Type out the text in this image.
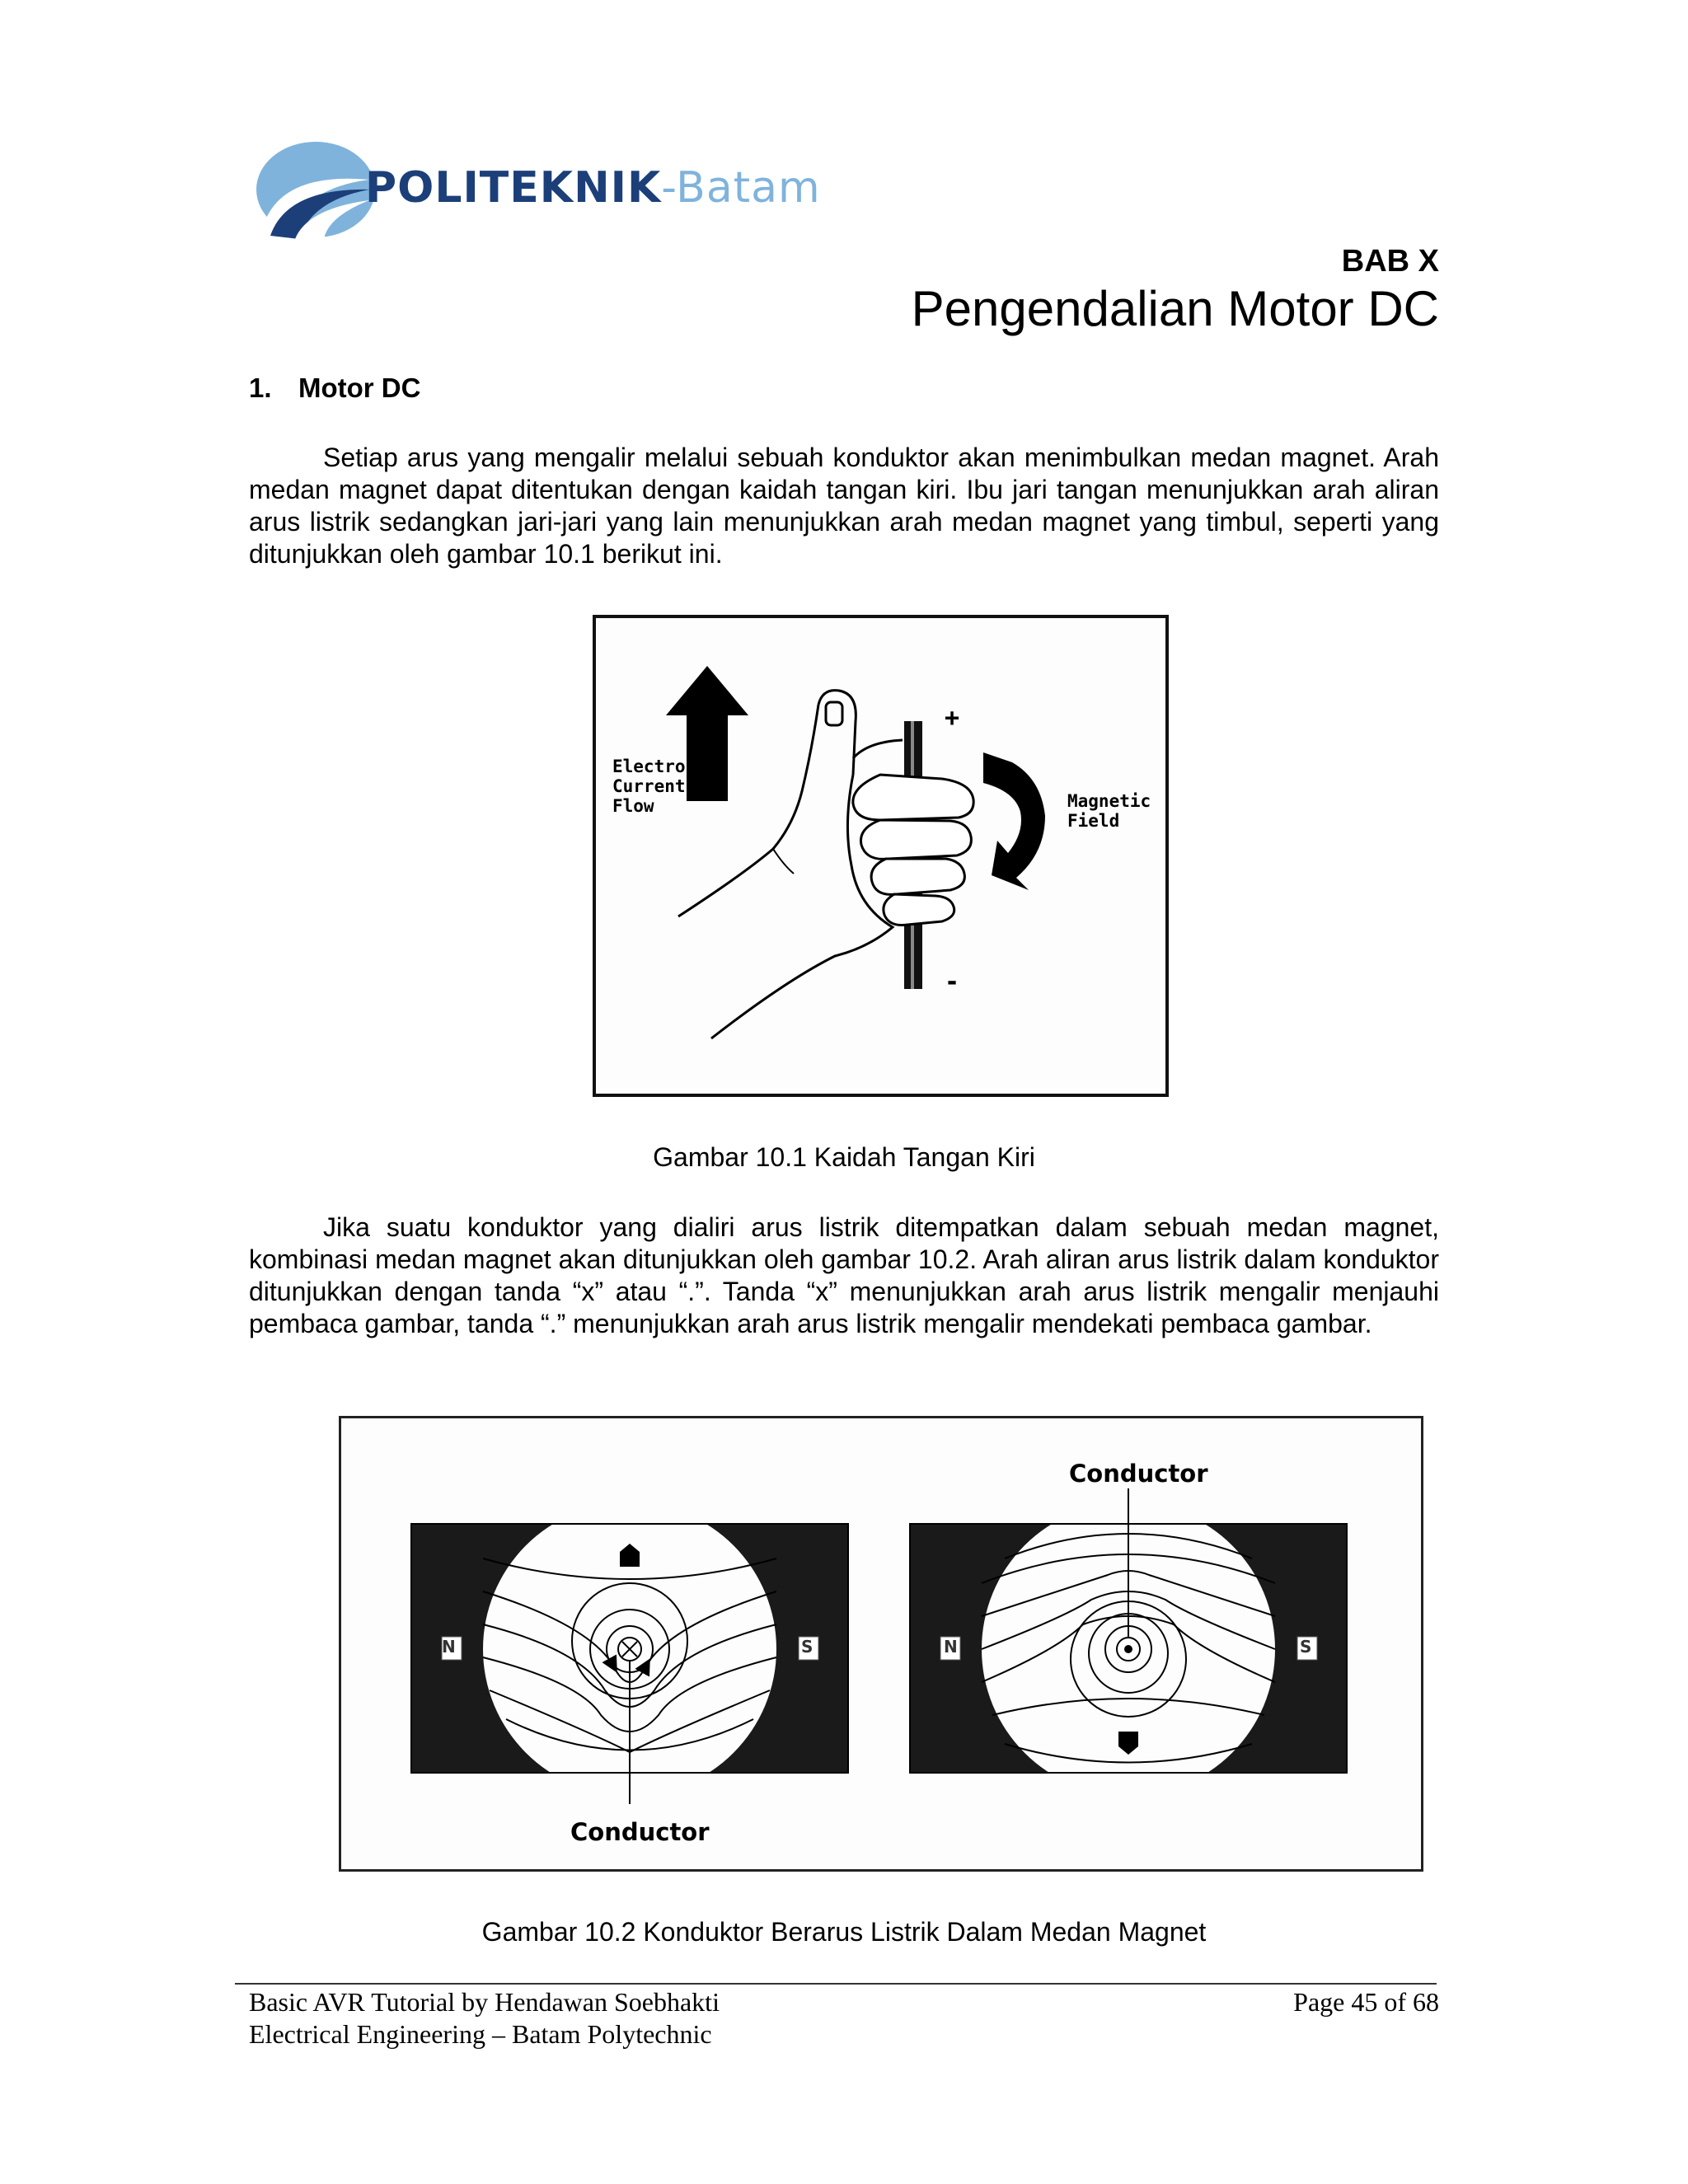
POLITEKNIK-Batam
BAB X
Pengendalian Motor DC
1. Motor DC

Setiap arus yang mengalir melalui sebuah konduktor akan menimbulkan medan magnet. Arah medan magnet dapat ditentukan dengan kaidah tangan kiri. Ibu jari tangan menunjukkan arah aliran arus listrik sedangkan jari-jari yang lain menunjukkan arah medan magnet yang timbul, seperti yang ditunjukkan oleh gambar 10.1 berikut ini.

Electron
Current
Flow	Magnetic
Field
+
-
Gambar 10.1 Kaidah Tangan Kiri

Jika suatu konduktor yang dialiri arus listrik ditempatkan dalam sebuah medan magnet, kombinasi medan magnet akan ditunjukkan oleh gambar 10.2. Arah aliran arus listrik dalam konduktor ditunjukkan dengan tanda “x” atau “.”. Tanda “x” menunjukkan arah arus listrik mengalir menjauhi pembaca gambar, tanda “.” menunjukkan arah arus listrik mengalir mendekati pembaca gambar.

N	S	N	S
Conductor
Conductor
Gambar 10.2 Konduktor Berarus Listrik Dalam Medan Magnet
Basic AVR Tutorial by Hendawan Soebhakti
Electrical Engineering – Batam Polytechnic
Page 45 of 68
